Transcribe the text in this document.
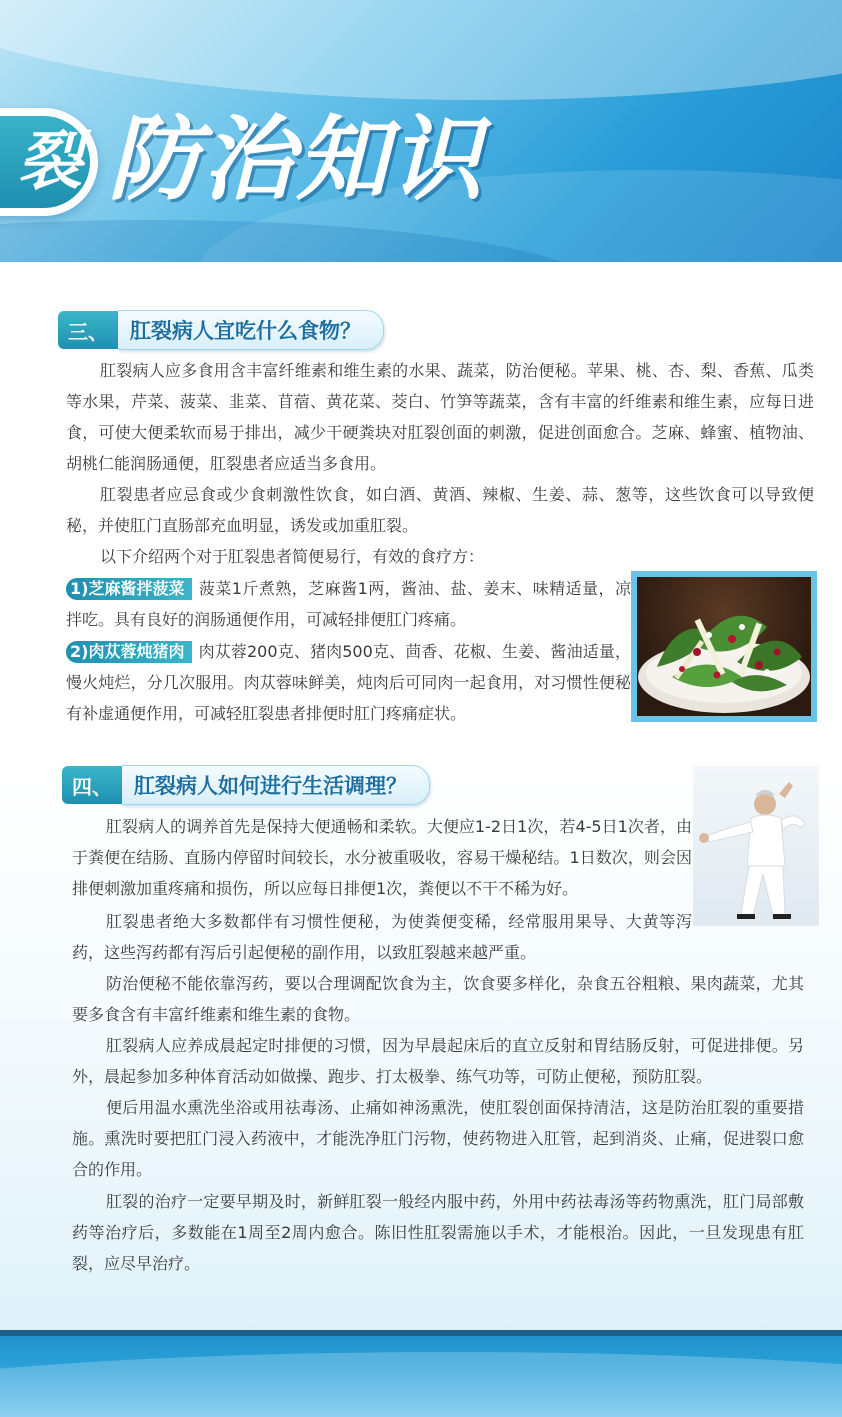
裂 防治知识
三、	肛裂病人宜吃什么食物？

肛裂病人应多食用含丰富纤维素和维生素的水果、蔬菜，防治便秘。苹果、桃、杏、梨、香蕉、瓜类等水果，芹菜、菠菜、韭菜、苜蓿、黄花菜、茭白、竹笋等蔬菜，含有丰富的纤维素和维生素，应每日进食，可使大便柔软而易于排出，减少干硬粪块对肛裂创面的刺激，促进创面愈合。芝麻、蜂蜜、植物油、胡桃仁能润肠通便，肛裂患者应适当多食用。

肛裂患者应忌食或少食刺激性饮食，如白酒、黄酒、辣椒、生姜、蒜、葱等，这些饮食可以导致便秘，并使肛门直肠部充血明显，诱发或加重肛裂。

以下介绍两个对于肛裂患者简便易行，有效的食疗方：

1)芝麻酱拌菠菜 菠菜1斤煮熟，芝麻酱1两，酱油、盐、姜末、味精适量，凉拌吃。具有良好的润肠通便作用，可减轻排便肛门疼痛。

2)肉苁蓉炖猪肉 肉苁蓉200克、猪肉500克、茴香、花椒、生姜、酱油适量，慢火炖烂，分几次服用。肉苁蓉味鲜美，炖肉后可同肉一起食用，对习惯性便秘有补虚通便作用，可减轻肛裂患者排便时肛门疼痛症状。

四、	肛裂病人如何进行生活调理？

肛裂病人的调养首先是保持大便通畅和柔软。大便应1-2日1次，若4-5日1次者，由于粪便在结肠、直肠内停留时间较长，水分被重吸收，容易干燥秘结。1日数次，则会因排便刺激加重疼痛和损伤，所以应每日排便1次，粪便以不干不稀为好。

肛裂患者绝大多数都伴有习惯性便秘，为使粪便变稀，经常服用果导、大黄等泻药，这些泻药都有泻后引起便秘的副作用，以致肛裂越来越严重。

防治便秘不能依靠泻药，要以合理调配饮食为主，饮食要多样化，杂食五谷粗粮、果肉蔬菜，尤其要多食含有丰富纤维素和维生素的食物。

肛裂病人应养成晨起定时排便的习惯，因为早晨起床后的直立反射和胃结肠反射，可促进排便。另外，晨起参加多种体育活动如做操、跑步、打太极拳、练气功等，可防止便秘，预防肛裂。

便后用温水熏洗坐浴或用祛毒汤、止痛如神汤熏洗，使肛裂创面保持清洁，这是防治肛裂的重要措施。熏洗时要把肛门浸入药液中，才能洗净肛门污物，使药物进入肛管，起到消炎、止痛，促进裂口愈合的作用。

肛裂的治疗一定要早期及时，新鲜肛裂一般经内服中药，外用中药祛毒汤等药物熏洗，肛门局部敷药等治疗后，多数能在1周至2周内愈合。陈旧性肛裂需施以手术，才能根治。因此，一旦发现患有肛裂，应尽早治疗。
